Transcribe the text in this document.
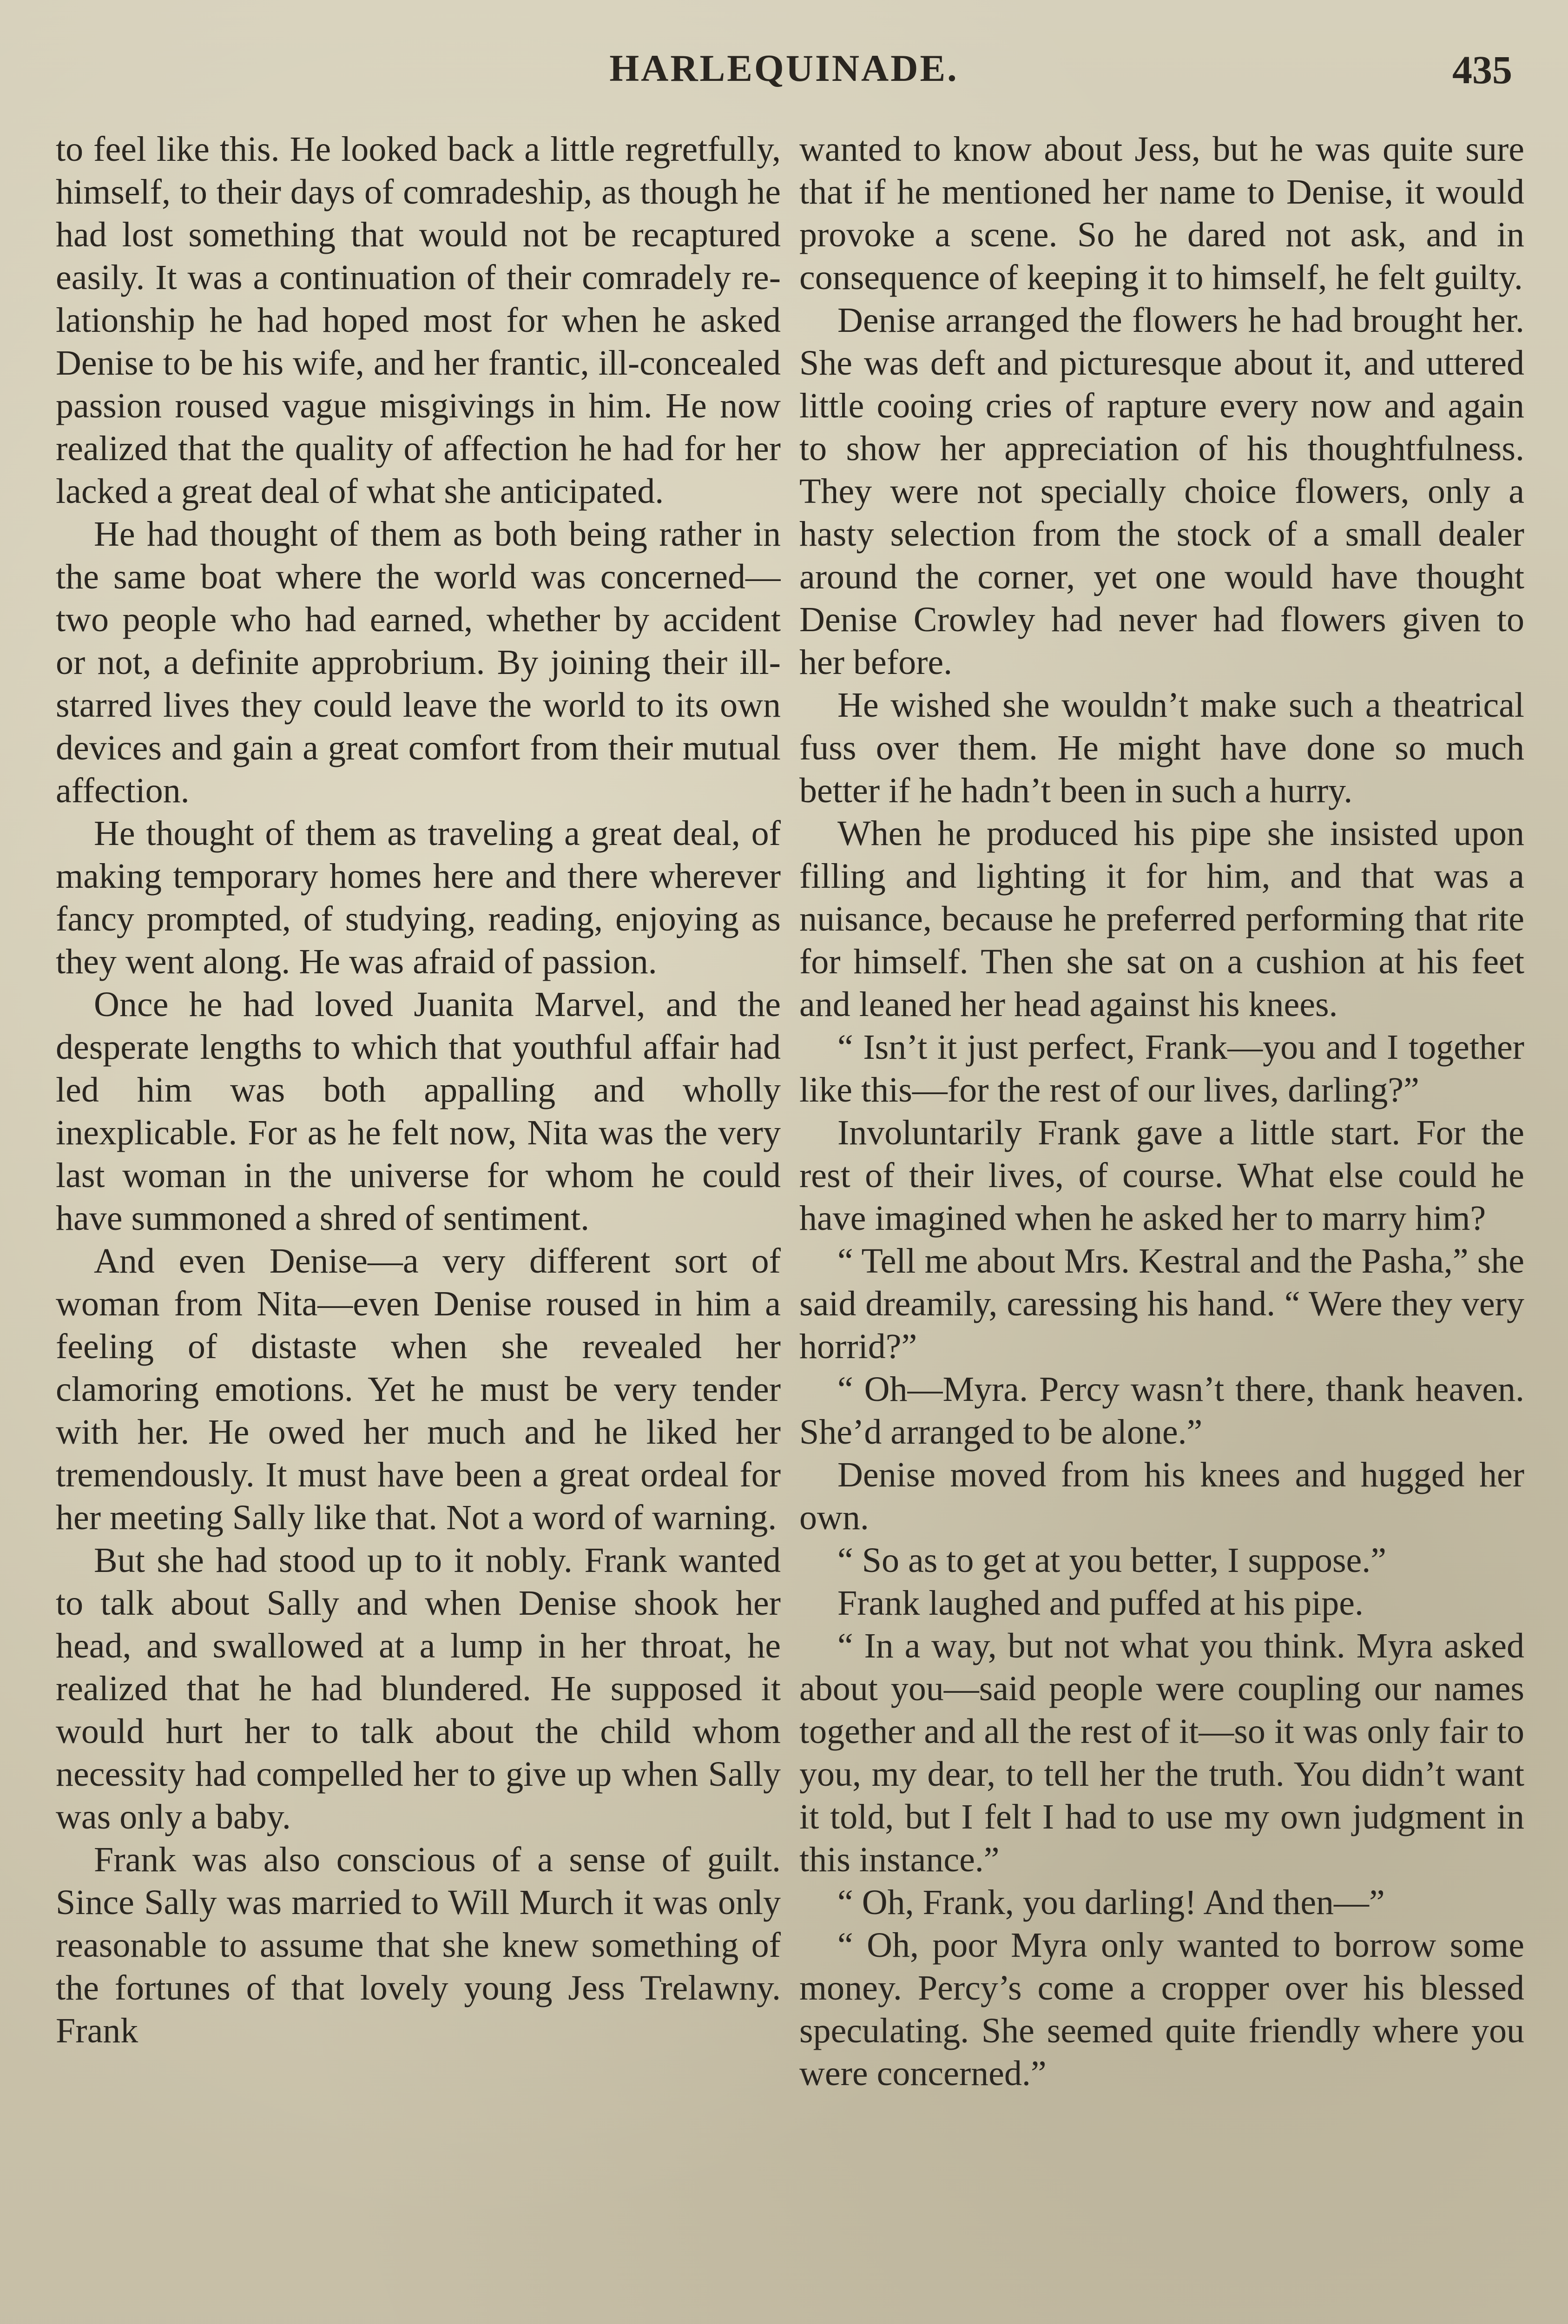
HARLEQUINADE.	435

to feel like this. He looked back a little regretfully, himself, to their days of comradeship, as though he had lost something that would not be recaptured easily. It was a continuation of their comradely relationship he had hoped most for when he asked Denise to be his wife, and her frantic, ill-concealed passion roused vague misgivings in him. He now realized that the quality of affection he had for her lacked a great deal of what she anticipated.

He had thought of them as both being rather in the same boat where the world was concerned—two people who had earned, whether by accident or not, a definite approbrium. By joining their ill-starred lives they could leave the world to its own devices and gain a great comfort from their mutual affection.

He thought of them as traveling a great deal, of making temporary homes here and there wherever fancy prompted, of studying, reading, enjoying as they went along. He was afraid of passion.

Once he had loved Juanita Marvel, and the desperate lengths to which that youthful affair had led him was both appalling and wholly inexplicable. For as he felt now, Nita was the very last woman in the universe for whom he could have summoned a shred of sentiment.

And even Denise—a very different sort of woman from Nita—even Denise roused in him a feeling of distaste when she revealed her clamoring emotions. Yet he must be very tender with her. He owed her much and he liked her tremendously. It must have been a great ordeal for her meeting Sally like that. Not a word of warning.

But she had stood up to it nobly. Frank wanted to talk about Sally and when Denise shook her head, and swallowed at a lump in her throat, he realized that he had blundered. He supposed it would hurt her to talk about the child whom necessity had compelled her to give up when Sally was only a baby.

Frank was also conscious of a sense of guilt. Since Sally was married to Will Murch it was only reasonable to assume that she knew something of the fortunes of that lovely young Jess Trelawny. Frank

wanted to know about Jess, but he was quite sure that if he mentioned her name to Denise, it would provoke a scene. So he dared not ask, and in consequence of keeping it to himself, he felt guilty.

Denise arranged the flowers he had brought her. She was deft and picturesque about it, and uttered little cooing cries of rapture every now and again to show her appreciation of his thoughtfulness. They were not specially choice flowers, only a hasty selection from the stock of a small dealer around the corner, yet one would have thought Denise Crowley had never had flowers given to her before.

He wished she wouldn’t make such a theatrical fuss over them. He might have done so much better if he hadn’t been in such a hurry.

When he produced his pipe she insisted upon filling and lighting it for him, and that was a nuisance, because he preferred performing that rite for himself. Then she sat on a cushion at his feet and leaned her head against his knees.

“ Isn’t it just perfect, Frank—you and I together like this—for the rest of our lives, darling?”

Involuntarily Frank gave a little start. For the rest of their lives, of course. What else could he have imagined when he asked her to marry him?

“ Tell me about Mrs. Kestral and the Pasha,” she said dreamily, caressing his hand. “ Were they very horrid?”

“ Oh—Myra. Percy wasn’t there, thank heaven. She’d arranged to be alone.”

Denise moved from his knees and hugged her own.

“ So as to get at you better, I suppose.”

Frank laughed and puffed at his pipe.

“ In a way, but not what you think. Myra asked about you—said people were coupling our names together and all the rest of it—so it was only fair to you, my dear, to tell her the truth. You didn’t want it told, but I felt I had to use my own judgment in this instance.”

“ Oh, Frank, you darling! And then—”

“ Oh, poor Myra only wanted to borrow some money. Percy’s come a cropper over his blessed speculating. She seemed quite friendly where you were concerned.”
